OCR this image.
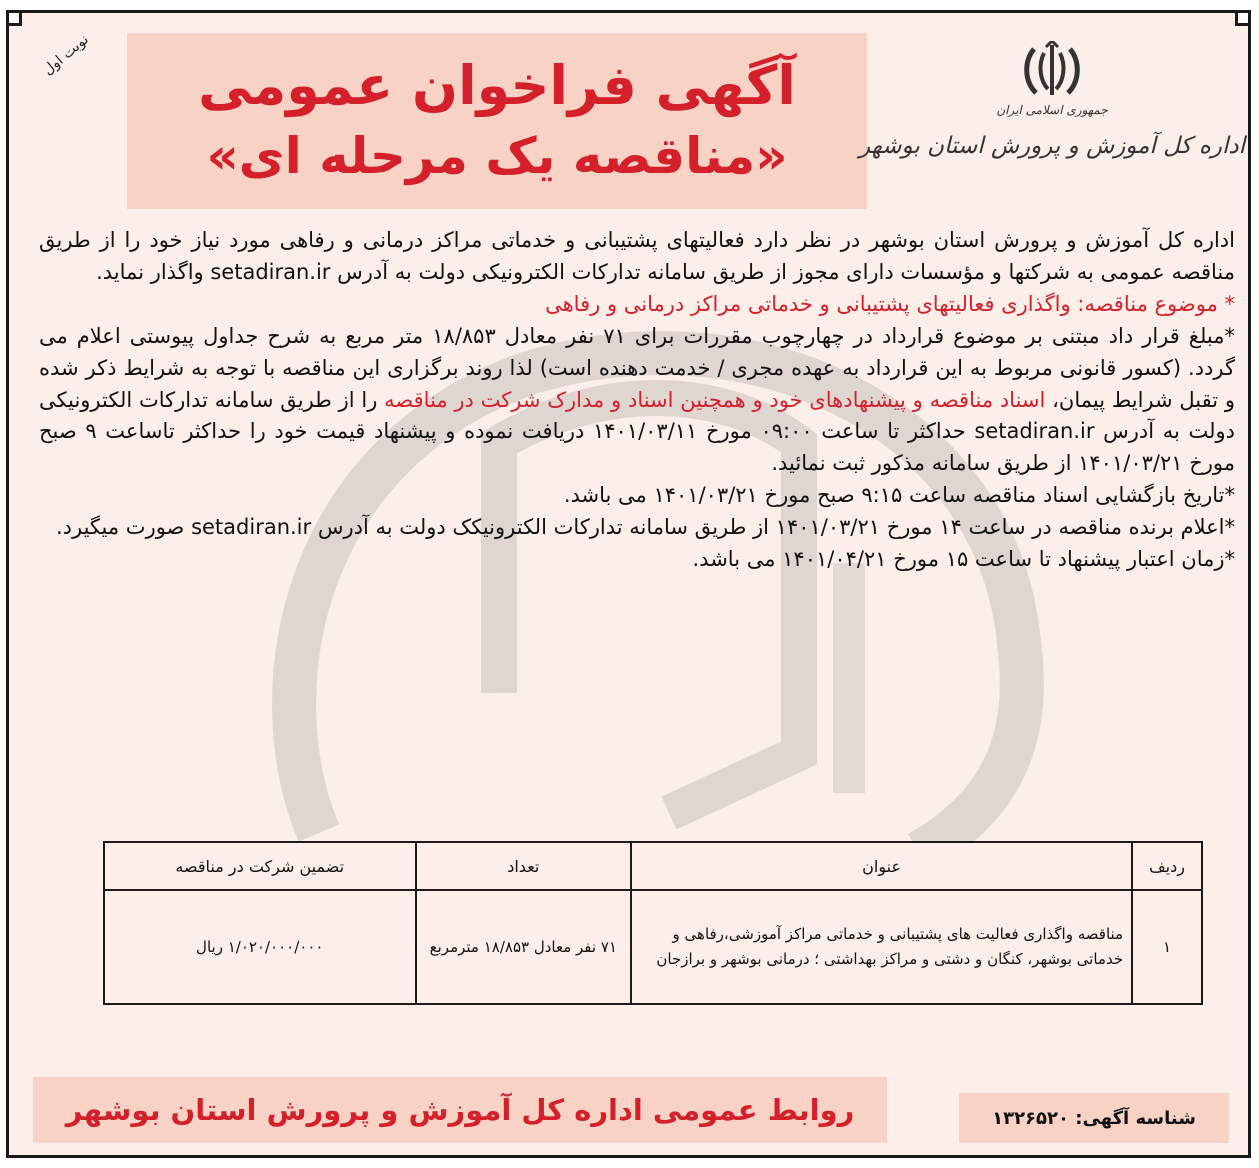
نوبت اول آگهی فراخوان عمومی
«مناقصه یک مرحله ای»
جمهوری اسلامی ایران
اداره کل آموزش و پرورش استان بوشهر

اداره کل آموزش و پرورش استان بوشهر در نظر دارد فعالیتهای پشتیبانی و خدماتی مراکز درمانی و رفاهی مورد نیاز خود را از طریق مناقصه عمومی به شرکتها و مؤسسات دارای مجوز از طریق سامانه تدارکات الکترونیکی دولت به آدرس setadiran.ir واگذار نماید.

* موضوع مناقصه: واگذاری فعالیتهای پشتیبانی و خدماتی مراکز درمانی و رفاهی

*مبلغ قرار داد مبتنی بر موضوع قرارداد در چهارچوب مقررات برای ۷۱ نفر معادل ۱۸/۸۵۳ متر مربع به شرح جداول پیوستی اعلام می گردد. (کسور قانونی مربوط به این قرارداد به عهده مجری / خدمت دهنده است) لذا روند برگزاری این مناقصه با توجه به شرایط ذکر شده و تقبل شرایط پیمان، اسناد مناقصه و پیشنهادهای خود و همچنین اسناد و مدارک شرکت در مناقصه را از طریق سامانه تدارکات الکترونیکی دولت به آدرس setadiran.ir حداکثر تا ساعت ۰۹:۰۰ مورخ ۱۴۰۱/۰۳/۱۱ دریافت نموده و پیشنهاد قیمت خود را حداکثر تاساعت ۹ صبح مورخ ۱۴۰۱/۰۳/۲۱ از طریق سامانه مذکور ثبت نمائید.

*تاریخ بازگشایی اسناد مناقصه ساعت ۹:۱۵ صبح مورخ ۱۴۰۱/۰۳/۲۱ می باشد.

*اعلام برنده مناقصه در ساعت ۱۴ مورخ ۱۴۰۱/۰۳/۲۱ از طریق سامانه تدارکات الکترونیکک دولت به آدرس setadiran.ir صورت میگیرد.

*زمان اعتبار پیشنهاد تا ساعت ۱۵ مورخ ۱۴۰۱/۰۴/۲۱ می باشد.

ردیف	عنوان	تعداد	تضمین شرکت در مناقصه
۱	مناقصه واگذاری فعالیت های پشتیبانی و خدماتی مراکز آموزشی،رفاهی و خدماتی بوشهر، کنگان و دشتی و مراکز بهداشتی ؛ درمانی بوشهر و برازجان	۷۱ نفر معادل ۱۸/۸۵۳ مترمربع	۱/۰۲۰/۰۰۰/۰۰۰ ریال
روابط عمومی اداره کل آموزش و پرورش استان بوشهر	شناسه آگهی:

۱۳۲۶۵۲۰
